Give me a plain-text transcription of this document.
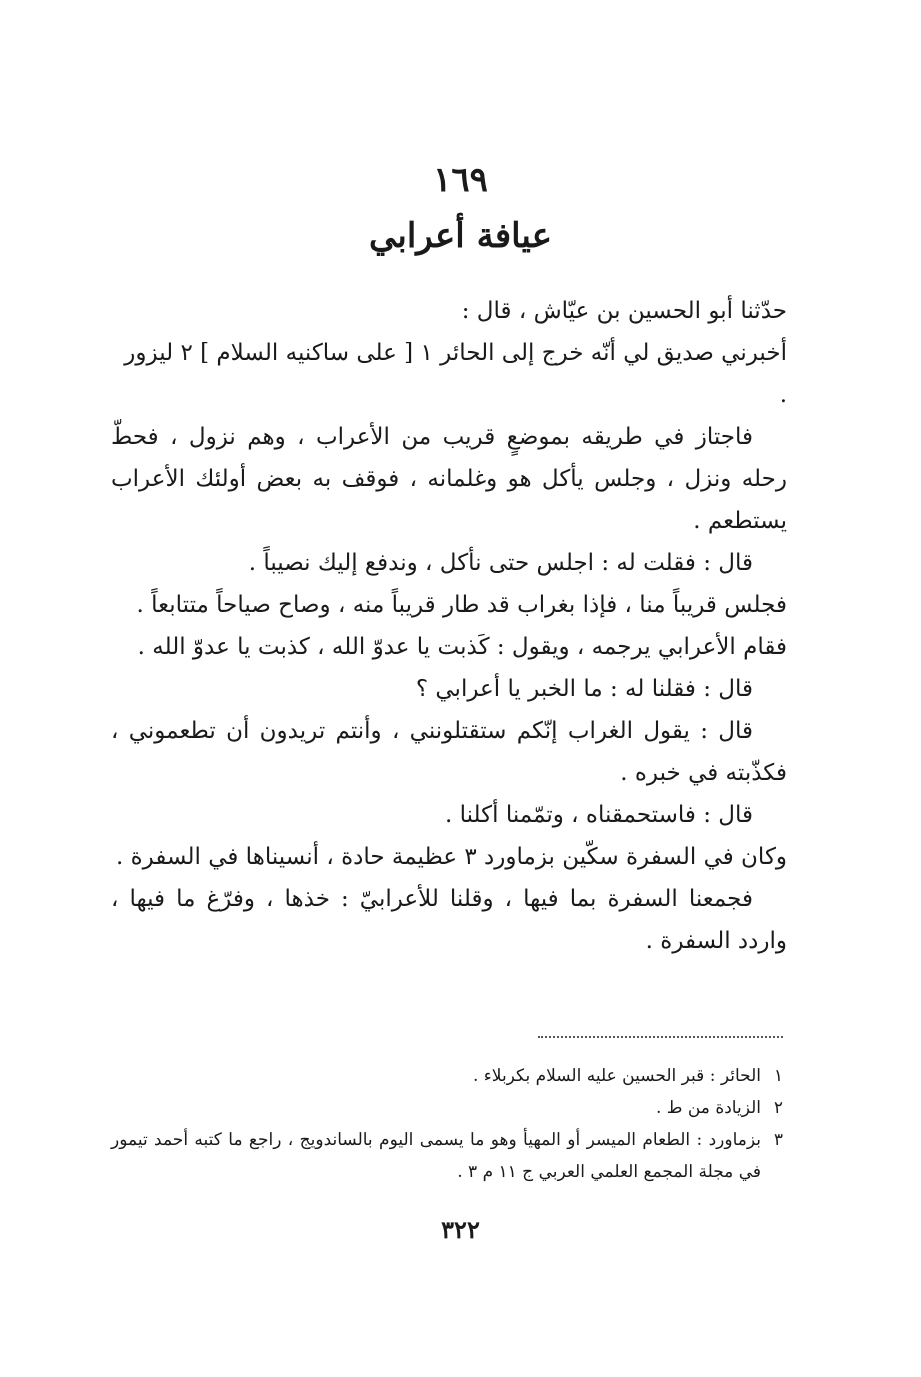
١٦٩
عيافة أعرابي

حدّثنا أبو الحسين بن عيّاش ، قال :

أخبرني صديق لي أنّه خرج إلى الحائر ١ [ على ساكنيه السلام ] ٢ ليزور .

فاجتاز في طريقه بموضعٍ قريب من الأعراب ، وهم نزول ، فحطّ رحله ونزل ، وجلس يأكل هو وغلمانه ، فوقف به بعض أولئك الأعراب يستطعم .

قال : فقلت له : اجلس حتى نأكل ، وندفع إليك نصيباً .

فجلس قريباً منا ، فإذا بغراب قد طار قريباً منه ، وصاح صياحاً متتابعاً .

فقام الأعرابي يرجمه ، ويقول : كَذبت يا عدوّ الله ، كذبت يا عدوّ الله .

قال : فقلنا له : ما الخبر يا أعرابي ؟

قال : يقول الغراب إنّكم ستقتلونني ، وأنتم تريدون أن تطعموني ، فكذّبته في خبره .

قال : فاستحمقناه ، وتمّمنا أكلنا .

وكان في السفرة سكّين بزماورد ٣ عظيمة حادة ، أنسيناها في السفرة .

فجمعنا السفرة بما فيها ، وقلنا للأعرابيّ : خذها ، وفرّغ ما فيها ، واردد السفرة .

١
الحائر : قبر الحسين عليه السلام بكربلاء .
٢
الزيادة من ط .
٣
بزماورد : الطعام الميسر أو المهيأ وهو ما يسمى اليوم بالساندويج ، راجع ما كتبه أحمد تيمور في مجلة المجمع العلمي العربي ج ١١ م ٣ .
٣٢٢
